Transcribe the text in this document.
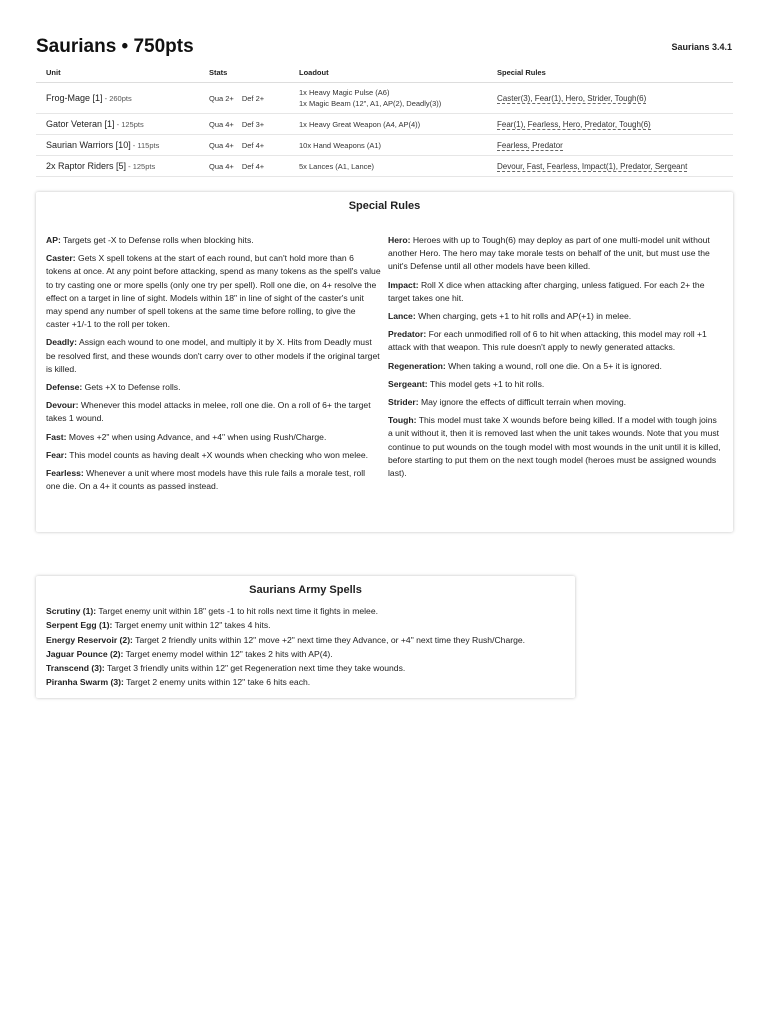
Saurians • 750pts	Saurians 3.4.1
Unit	Stats	Loadout	Special Rules
Frog-Mage [1] - 260pts	Qua 2+ Def 2+	1x Heavy Magic Pulse (A6)
1x Magic Beam (12", A1, AP(2), Deadly(3))	Caster(3), Fear(1), Hero, Strider, Tough(6)
Gator Veteran [1] - 125pts	Qua 4+ Def 3+	1x Heavy Great Weapon (A4, AP(4))	Fear(1), Fearless, Hero, Predator, Tough(6)
Saurian Warriors [10] - 115pts	Qua 4+ Def 4+	10x Hand Weapons (A1)	Fearless, Predator
2x Raptor Riders [5] - 125pts	Qua 4+ Def 4+	5x Lances (A1, Lance)	Devour, Fast, Fearless, Impact(1), Predator, Sergeant
Special Rules
AP: Targets get -X to Defense rolls when blocking hits.
Caster: Gets X spell tokens at the start of each round, but can't hold more than 6 tokens at once. At any point before attacking, spend as many tokens as the spell's value to try casting one or more spells (only one try per spell). Roll one die, on 4+ resolve the effect on a target in line of sight. Models within 18" in line of sight of the caster's unit may spend any number of spell tokens at the same time before rolling, to give the caster +1/-1 to the roll per token.
Deadly: Assign each wound to one model, and multiply it by X. Hits from Deadly must be resolved first, and these wounds don't carry over to other models if the original target is killed.
Defense: Gets +X to Defense rolls.
Devour: Whenever this model attacks in melee, roll one die. On a roll of 6+ the target takes 1 wound.
Fast: Moves +2" when using Advance, and +4" when using Rush/Charge.
Fear: This model counts as having dealt +X wounds when checking who won melee.
Fearless: Whenever a unit where most models have this rule fails a morale test, roll one die. On a 4+ it counts as passed instead.
Hero: Heroes with up to Tough(6) may deploy as part of one multi-model unit without another Hero. The hero may take morale tests on behalf of the unit, but must use the unit's Defense until all other models have been killed.
Impact: Roll X dice when attacking after charging, unless fatigued. For each 2+ the target takes one hit.
Lance: When charging, gets +1 to hit rolls and AP(+1) in melee.
Predator: For each unmodified roll of 6 to hit when attacking, this model may roll +1 attack with that weapon. This rule doesn't apply to newly generated attacks.
Regeneration: When taking a wound, roll one die. On a 5+ it is ignored.
Sergeant: This model gets +1 to hit rolls.
Strider: May ignore the effects of difficult terrain when moving.
Tough: This model must take X wounds before being killed. If a model with tough joins a unit without it, then it is removed last when the unit takes wounds. Note that you must continue to put wounds on the tough model with most wounds in the unit until it is killed, before starting to put them on the next tough model (heroes must be assigned wounds last).
Saurians Army Spells
Scrutiny (1): Target enemy unit within 18" gets -1 to hit rolls next time it fights in melee.
Serpent Egg (1): Target enemy unit within 12" takes 4 hits.
Energy Reservoir (2): Target 2 friendly units within 12" move +2" next time they Advance, or +4" next time they Rush/Charge.
Jaguar Pounce (2): Target enemy model within 12" takes 2 hits with AP(4).
Transcend (3): Target 3 friendly units within 12" get Regeneration next time they take wounds.
Piranha Swarm (3): Target 2 enemy units within 12" take 6 hits each.
